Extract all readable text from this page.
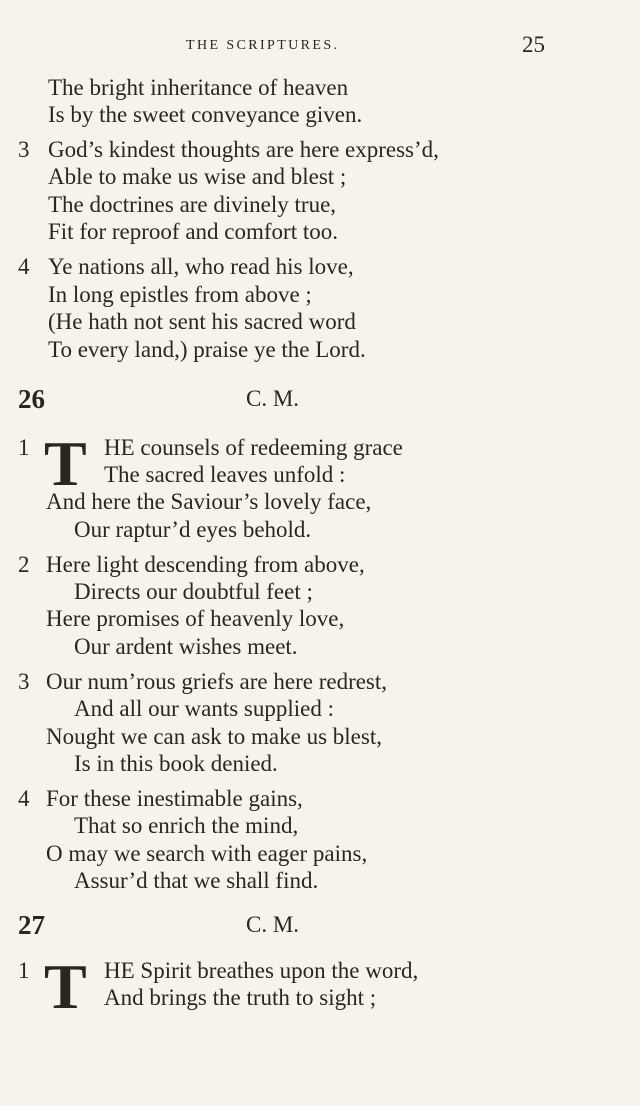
THE SCRIPTURES.	25
The bright inheritance of heaven
Is by the sweet conveyance given.
3 God’s kindest thoughts are here express’d,
Able to make us wise and blest ;
The doctrines are divinely true,
Fit for reproof and comfort too.
4 Ye nations all, who read his love,
In long epistles from above ;
(He hath not sent his sacred word
To every land,) praise ye the Lord.
26	C. M.
1 T HE counsels of redeeming grace
The sacred leaves unfold :
And here the Saviour’s lovely face,
Our raptur’d eyes behold.
2 Here light descending from above,
Directs our doubtful feet ;
Here promises of heavenly love,
Our ardent wishes meet.
3 Our num’rous griefs are here redrest,
And all our wants supplied :
Nought we can ask to make us blest,
Is in this book denied.
4 For these inestimable gains,
That so enrich the mind,
O may we search with eager pains,
Assur’d that we shall find.
27	C. M.
1 T HE Spirit breathes upon the word,
And brings the truth to sight ;
